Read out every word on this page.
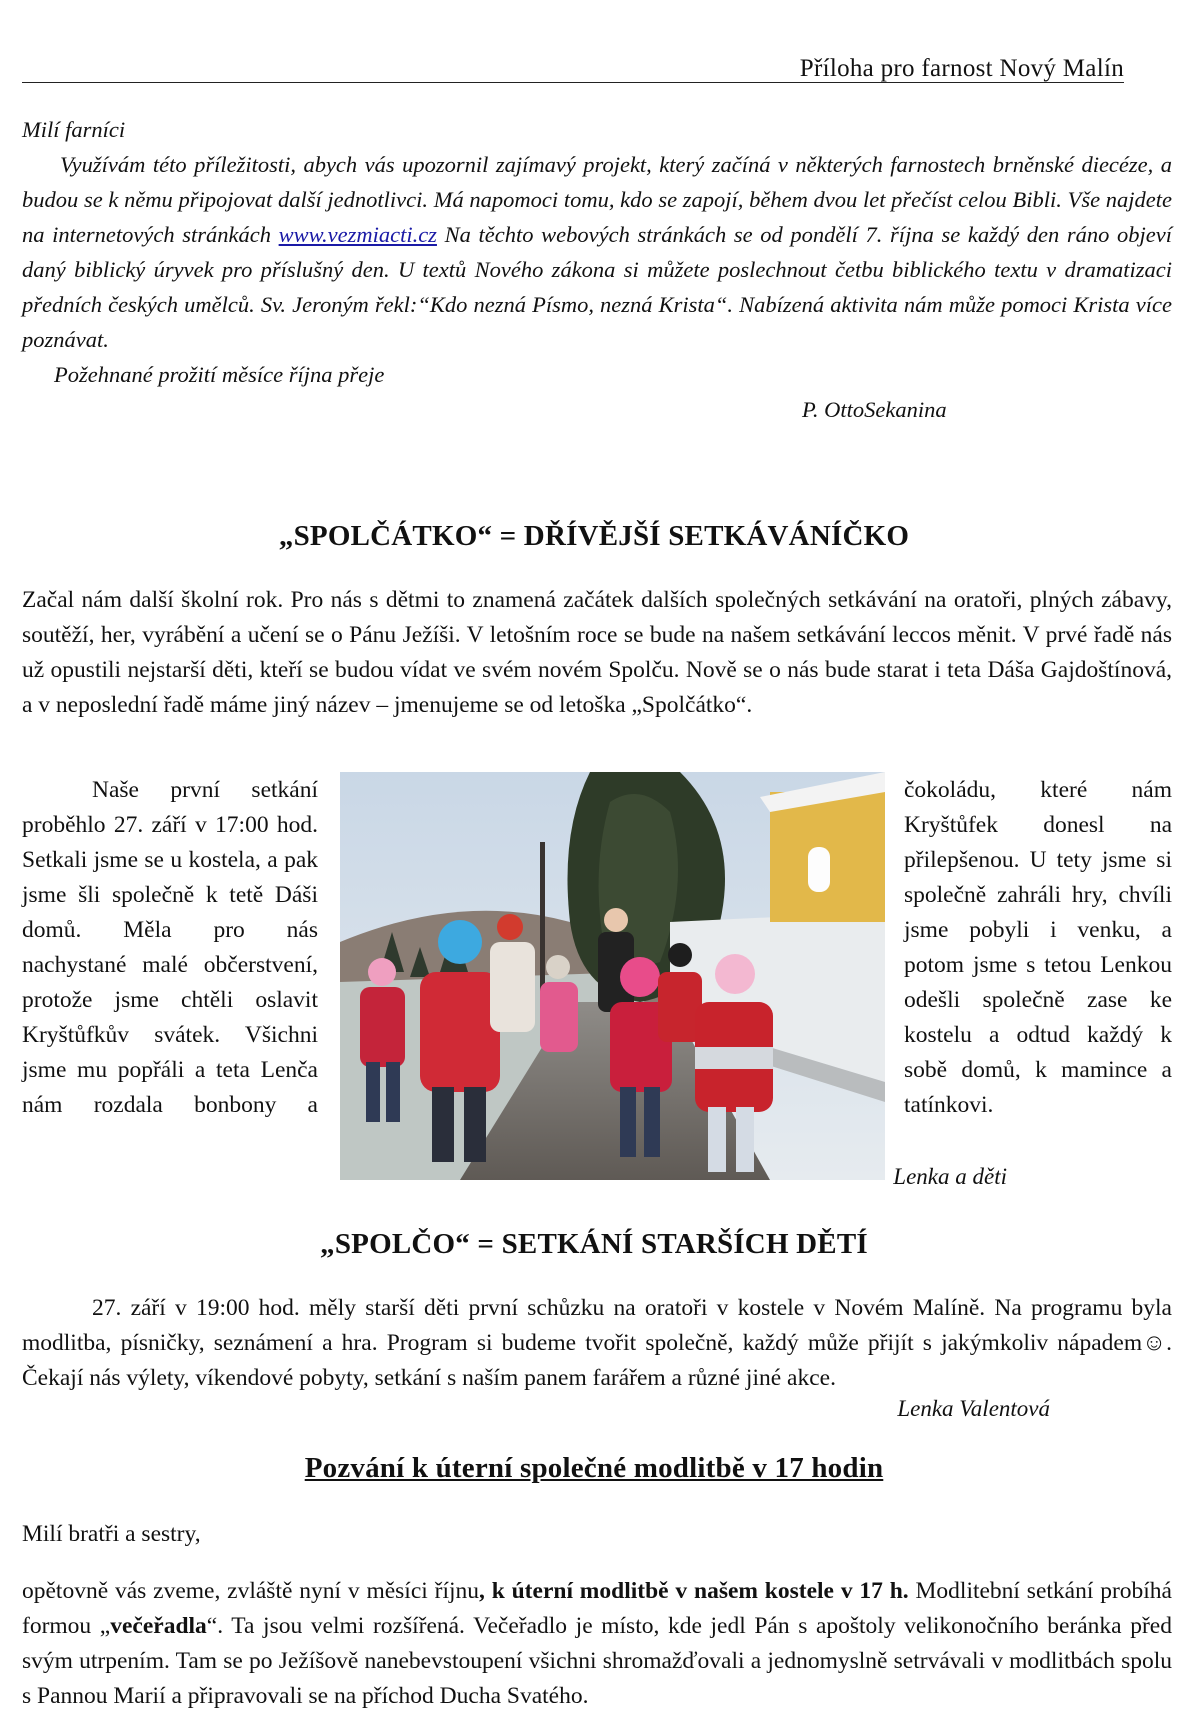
Příloha pro farnost Nový Malín

Milí farníci

Využívám této příležitosti, abych vás upozornil zajímavý projekt, který začíná v některých farnostech brněnské diecéze, a budou se k němu připojovat další jednotlivci. Má napomoci tomu, kdo se zapojí, během dvou let přečíst celou Bibli. Vše najdete na internetových stránkách www.vezmiacti.cz Na těchto webových stránkách se od pondělí 7. října se každý den ráno objeví daný biblický úryvek pro příslušný den. U textů Nového zákona si můžete poslechnout četbu biblického textu v dramatizaci předních českých umělců. Sv. Jeroným řekl:“Kdo nezná Písmo, nezná Krista“. Nabízená aktivita nám může pomoci Krista více poznávat.

Požehnané prožití měsíce října přeje

P. OttoSekanina

„SPOLČÁTKO“ = DŘÍVĚJŠÍ SETKÁVÁNÍČKO

Začal nám další školní rok. Pro nás s dětmi to znamená začátek dalších společných setkávání na oratoři, plných zábavy, soutěží, her, vyrábění a učení se o Pánu Ježíši. V letošním roce se bude na našem setkávání leccos měnit. V prvé řadě nás už opustili nejstarší děti, kteří se budou vídat ve svém novém Spolču. Nově se o nás bude starat i teta Dáša Gajdoštínová, a v neposlední řadě máme jiný název – jmenujeme se od letoška „Spolčátko“.

Naše první setkání proběhlo 27. září v 17:00 hod. Setkali jsme se u kostela, a pak jsme šli společně k tetě Dáši domů. Měla pro nás nachystané malé občerstvení, protože jsme chtěli oslavit Kryštůfkův svátek. Všichni jsme mu popřáli a teta Lenča nám rozdala bonbony a

čokoládu, které nám Kryštůfek donesl na přilepšenou. U tety jsme si společně zahráli hry, chvíli jsme pobyli i venku, a potom jsme s tetou Lenkou odešli společně zase ke kostelu a odtud každý k sobě domů, k mamince a tatínkovi.

Lenka a děti
„SPOLČO“ = SETKÁNÍ STARŠÍCH DĚTÍ

27. září v 19:00 hod. měly starší děti první schůzku na oratoři v kostele v Novém Malíně. Na programu byla modlitba, písničky, seznámení a hra. Program si budeme tvořit společně, každý může přijít s jakýmkoliv nápadem☺. Čekají nás výlety, víkendové pobyty, setkání s naším panem farářem a různé jiné akce.

Lenka Valentová
Pozvání k úterní společné modlitbě v 17 hodin

Milí bratři a sestry,

opětovně vás zveme, zvláště nyní v měsíci říjnu, k úterní modlitbě v našem kostele v 17 h. Modlitební setkání probíhá formou „večeřadla“. Ta jsou velmi rozšířená. Večeřadlo je místo, kde jedl Pán s apoštoly velikonočního beránka před svým utrpením. Tam se po Ježíšově nanebevstoupení všichni shromažďovali a jednomyslně setrvávali v modlitbách spolu s Pannou Marií a připravovali se na příchod Ducha Svatého.
